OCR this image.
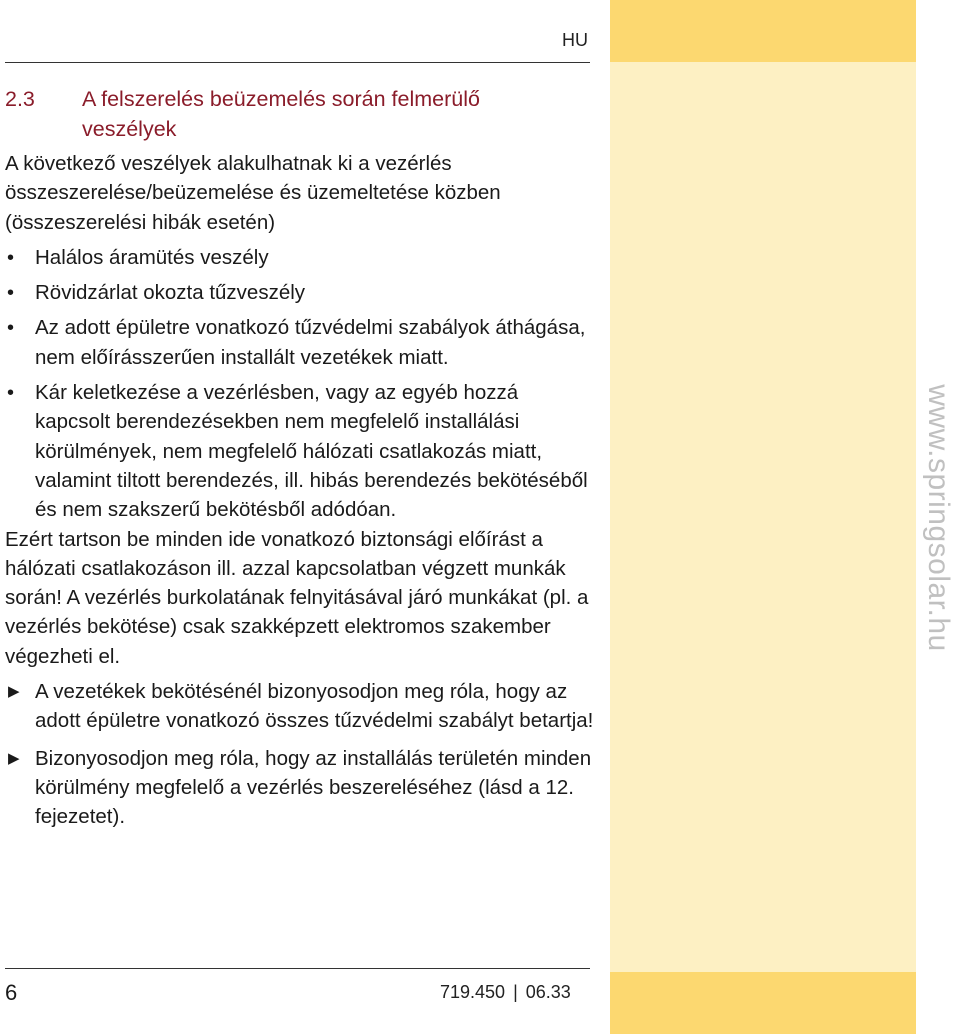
HU
www.springsolar.hu
2.3	A felszerelés beüzemelés során felmerülő veszélyek
A következő veszélyek alakulhatnak ki a vezérlés összeszerelése/beüzemelése és üzemeltetése közben (összeszerelési hibák esetén)
• Halálos áramütés veszély
• Rövidzárlat okozta tűzveszély
• Az adott épületre vonatkozó tűzvédelmi szabályok áthágása, nem előírásszerűen installált vezetékek miatt.
• Kár keletkezése a vezérlésben, vagy az egyéb hozzá kapcsolt berendezésekben nem megfelelő installálási körülmények, nem megfelelő hálózati csatlakozás miatt, valamint tiltott berendezés, ill. hibás berendezés bekötéséből és nem szakszerű bekötésből adódóan.
Ezért tartson be minden ide vonatkozó biztonsági előírást a hálózati csatlakozáson ill. azzal kapcsolatban végzett munkák során! A vezérlés burkolatának felnyitásával járó munkákat (pl. a vezérlés bekötése) csak szakképzett elektromos szakember végezheti el.
▶ A vezetékek bekötésénél bizonyosodjon meg róla, hogy az adott épületre vonatkozó összes tűzvédelmi szabályt betartja!
▶ Bizonyosodjon meg róla, hogy az installálás területén minden körülmény megfelelő a vezérlés beszereléséhez (lásd a 12. fejezetet).
6	719.450 | 06.33
